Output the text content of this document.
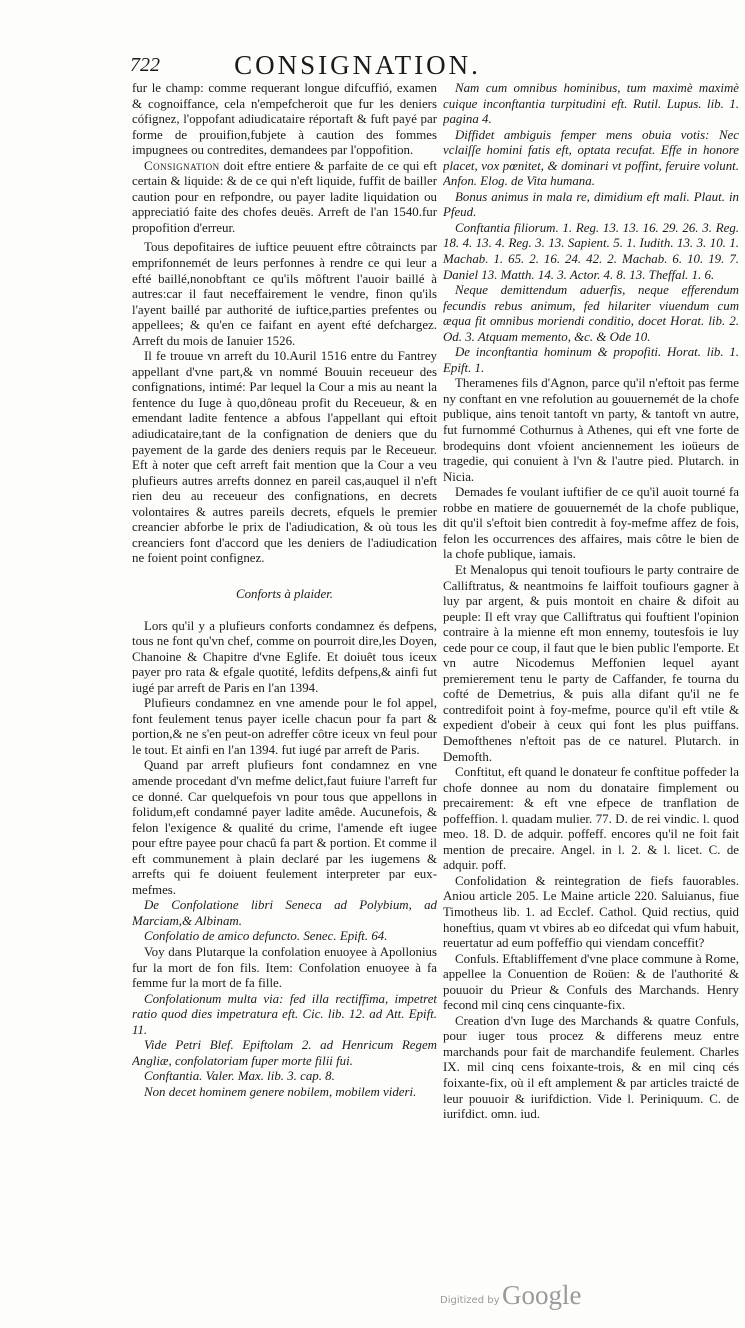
722	CONSIGNATION.

fur le champ: comme requerant longue difcuffió, examen & cognoiffance, cela n'empefcheroit que fur les deniers cófignez, l'oppofant adiudicataire réportaft & fuft payé par forme de prouifion,fubjete à caution des fommes impugnees ou contredites, demandees par l'oppofition.

Consignation doit eftre entiere & parfaite de ce qui eft certain & liquide: & de ce qui n'eft liquide, fuffit de bailler caution pour en refpondre, ou payer ladite liquidation ou appreciatió faite des chofes deuës. Arreft de l'an 1540.fur propofition d'erreur.

Tous depofitaires de iuftice peuuent eftre côtraincts par emprifonnemét de leurs perfonnes à rendre ce qui leur a efté baillé,nonobftant ce qu'ils môftrent l'auoir baillé à autres:car il faut neceffairement le vendre, finon qu'ils l'ayent baillé par authorité de iuftice,parties prefentes ou appellees; & qu'en ce faifant en ayent efté defchargez. Arreft du mois de Ianuier 1526.

Il fe trouue vn arreft du 10.Auril 1516 entre du Fantrey appellant d'vne part,& vn nommé Bouuin receueur des confignations, intimé: Par lequel la Cour a mis au neant la fentence du Iuge à quo,dôneau profit du Receueur, & en emendant ladite fentence a abfous l'appellant qui eftoit adiudicataire,tant de la confignation de deniers que du payement de la garde des deniers requis par le Receueur. Eft à noter que ceft arreft fait mention que la Cour a veu plufieurs autres arrefts donnez en pareil cas,auquel il n'eft rien deu au receueur des confignations, en decrets volontaires & autres pareils decrets, efquels le premier creancier abforbe le prix de l'adiudication, & où tous les creanciers font d'accord que les deniers de l'adiudication ne foient point confignez.

Conforts à plaider.

Lors qu'il y a plufieurs conforts condamnez és defpens, tous ne font qu'vn chef, comme on pourroit dire,les Doyen, Chanoine & Chapitre d'vne Eglife. Et doiuêt tous iceux payer pro rata & efgale quotité, lefdits defpens,& ainfi fut iugé par arreft de Paris en l'an 1394.

Plufieurs condamnez en vne amende pour le fol appel, font feulement tenus payer icelle chacun pour fa part & portion,& ne s'en peut-on adreffer côtre iceux vn feul pour le tout. Et ainfi en l'an 1394. fut iugé par arreft de Paris.

Quand par arreft plufieurs font condamnez en vne amende procedant d'vn mefme delict,faut fuiure l'arreft fur ce donné. Car quelquefois vn pour tous que appellons in folidum,eft condamné payer ladite amêde. Aucunefois, & felon l'exigence & qualité du crime, l'amende eft iugee pour eftre payee pour chacû fa part & portion. Et comme il eft communement à plain declaré par les iugemens & arrefts qui fe doiuent feulement interpreter par eux-mefmes.

De Confolatione libri Seneca ad Polybium, ad Marciam,& Albinam.

Confolatio de amico defuncto. Senec. Epift. 64.

Voy dans Plutarque la confolation enuoyee à Apollonius fur la mort de fon fils. Item: Confolation enuoyee à fa femme fur la mort de fa fille.

Confolationum multa via: fed illa rectiffima, impetret ratio quod dies impetratura eft. Cic. lib. 12. ad Att. Epift. 11.

Vide Petri Blef. Epiftolam 2. ad Henricum Regem Angliæ, confolatoriam fuper morte filii fui.

Conftantia. Valer. Max. lib. 3. cap. 8.

Non decet hominem genere nobilem, mobilem videri.

Nam cum omnibus hominibus, tum maximè maximè cuique inconftantia turpitudini eft. Rutil. Lupus. lib. 1. pagina 4.

Diffidet ambiguis femper mens obuia votis: Nec vclaiſſe homini fatis eft, optata recufat. Effe in honore placet, vox pœnitet, & dominari vt poffint, feruire volunt. Anfon. Elog. de Vita humana.

Bonus animus in mala re, dimidium eft mali. Plaut. in Pfeud.

Conftantia filiorum. 1. Reg. 13. 13. 16. 29. 26. 3. Reg. 18. 4. 13. 4. Reg. 3. 13. Sapient. 5. 1. Iudith. 13. 3. 10. 1. Machab. 1. 65. 2. 16. 24. 42. 2. Machab. 6. 10. 19. 7. Daniel 13. Matth. 14. 3. Actor. 4. 8. 13. Theffal. 1. 6.

Neque demittendum aduerfis, neque efferendum fecundis rebus animum, fed hilariter viuendum cum æqua fit omnibus moriendi conditio, docet Horat. lib. 2. Od. 3. Atquam memento, &c. & Ode 10.

De inconftantia hominum & propofiti. Horat. lib. 1. Epift. 1.

Theramenes fils d'Agnon, parce qu'il n'eftoit pas ferme ny conftant en vne refolution au gouuernemét de la chofe publique, ains tenoit tantoft vn party, & tantoft vn autre, fut furnommé Cothurnus à Athenes, qui eft vne forte de brodequins dont vfoient anciennement les ioüeurs de tragedie, qui conuient à l'vn & l'autre pied. Plutarch. in Nicia.

Demades fe voulant iuftifier de ce qu'il auoit tourné fa robbe en matiere de gouuernemét de la chofe publique, dit qu'il s'eftoit bien contredit à foy-mefme affez de fois, felon les occurrences des affaires, mais côtre le bien de la chofe publique, iamais.

Et Menalopus qui tenoit toufiours le party contraire de Calliftratus, & neantmoins fe laiffoit toufiours gagner à luy par argent, & puis montoit en chaire & difoit au peuple: Il eft vray que Calliftratus qui fouftient l'opinion contraire à la mienne eft mon ennemy, toutesfois ie luy cede pour ce coup, il faut que le bien public l'emporte. Et vn autre Nicodemus Meffonien lequel ayant premierement tenu le party de Caffander, fe tourna du cofté de Demetrius, & puis alla difant qu'il ne fe contredifoit point à foy-mefme, pource qu'il eft vtile & expedient d'obeir à ceux qui font les plus puiffans. Demofthenes n'eftoit pas de ce naturel. Plutarch. in Demofth.

Conftitut, eft quand le donateur fe conftitue poffeder la chofe donnee au nom du donataire fimplement ou precairement: & eft vne efpece de tranflation de poffeffion. l. quadam mulier. 77. D. de rei vindic. l. quod meo. 18. D. de adquir. poffeff. encores qu'il ne foit fait mention de precaire. Angel. in l. 2. & l. licet. C. de adquir. poff.

Confolidation & reintegration de fiefs fauorables. Aniou article 205. Le Maine article 220. Saluianus, fiue Timotheus lib. 1. ad Ecclef. Cathol. Quid rectius, quid honeftius, quam vt vbires ab eo difcedat qui vfum habuit, reuertatur ad eum poffeffio qui viendam conceffit?

Confuls. Eftabliffement d'vne place commune à Rome, appellee la Conuention de Roüen: & de l'authorité & pouuoir du Prieur & Confuls des Marchands. Henry fecond mil cinq cens cinquante-fix.

Creation d'vn Iuge des Marchands & quatre Confuls, pour iuger tous procez & differens meuz entre marchands pour fait de marchandife feulement. Charles IX. mil cinq cens foixante-trois, & en mil cinq cés foixante-fix, où il eft amplement & par articles traicté de leur pouuoir & iurifdiction. Vide l. Periniquum. C. de iurifdict. omn. iud.

Digitized by Google
